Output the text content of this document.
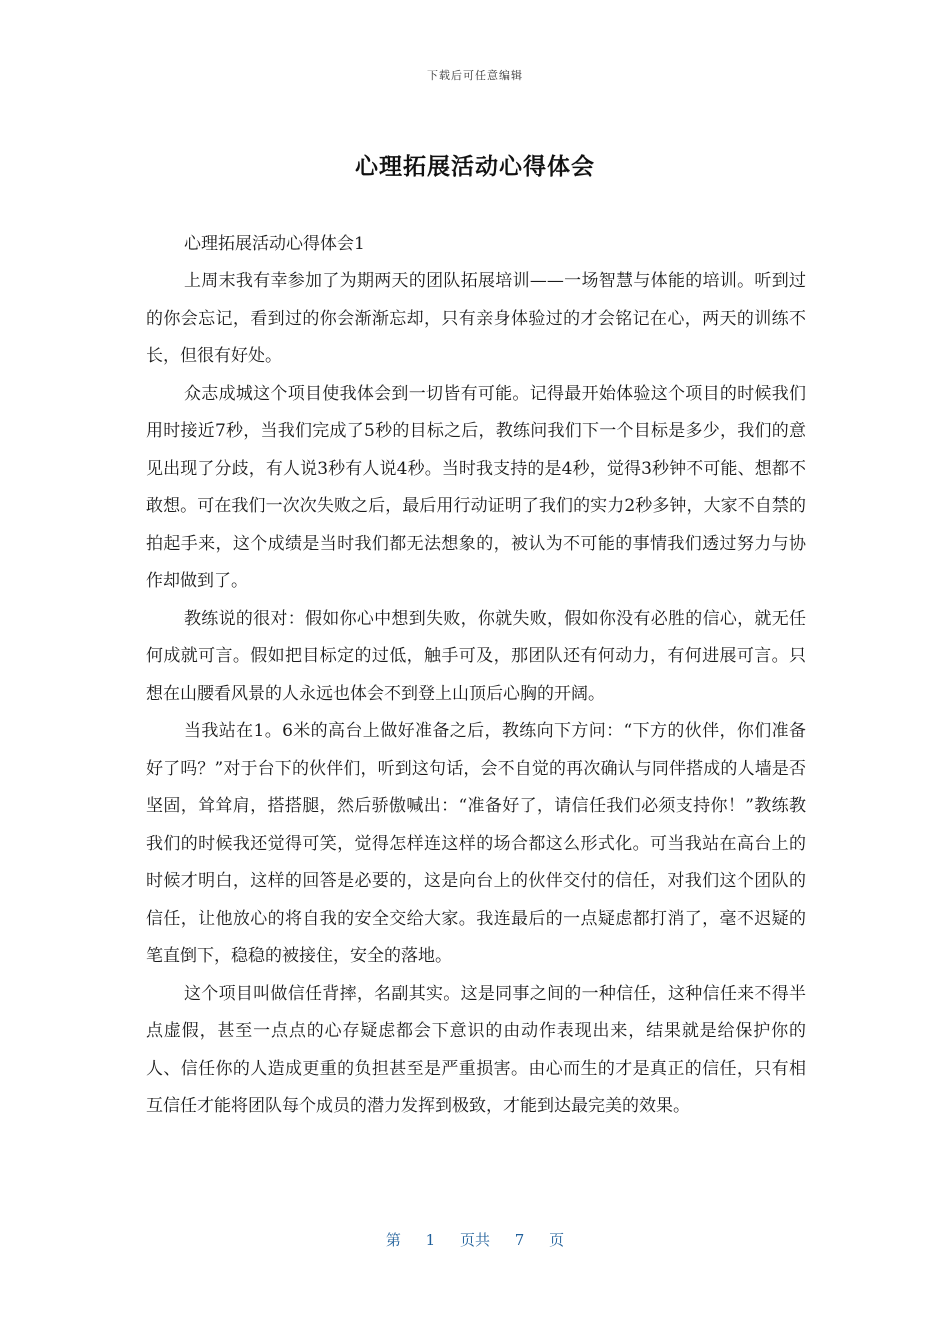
下载后可任意编辑
心理拓展活动心得体会

心理拓展活动心得体会1

上周末我有幸参加了为期两天的团队拓展培训——一场智慧与体能的培训。听到过的你会忘记，看到过的你会渐渐忘却，只有亲身体验过的才会铭记在心，两天的训练不长，但很有好处。

众志成城这个项目使我体会到一切皆有可能。记得最开始体验这个项目的时候我们用时接近7秒，当我们完成了5秒的目标之后，教练问我们下一个目标是多少，我们的意见出现了分歧，有人说3秒有人说4秒。当时我支持的是4秒，觉得3秒钟不可能、想都不敢想。可在我们一次次失败之后，最后用行动证明了我们的实力2秒多钟，大家不自禁的拍起手来，这个成绩是当时我们都无法想象的，被认为不可能的事情我们透过努力与协作却做到了。

教练说的很对：假如你心中想到失败，你就失败，假如你没有必胜的信心，就无任何成就可言。假如把目标定的过低，触手可及，那团队还有何动力，有何进展可言。只想在山腰看风景的人永远也体会不到登上山顶后心胸的开阔。

当我站在1。6米的高台上做好准备之后，教练向下方问：“下方的伙伴，你们准备好了吗？”对于台下的伙伴们，听到这句话，会不自觉的再次确认与同伴搭成的人墙是否坚固，耸耸肩，搭搭腿，然后骄傲喊出：“准备好了，请信任我们必须支持你！”教练教我们的时候我还觉得可笑，觉得怎样连这样的场合都这么形式化。可当我站在高台上的时候才明白，这样的回答是必要的，这是向台上的伙伴交付的信任，对我们这个团队的信任，让他放心的将自我的安全交给大家。我连最后的一点疑虑都打消了，毫不迟疑的笔直倒下，稳稳的被接住，安全的落地。

这个项目叫做信任背摔，名副其实。这是同事之间的一种信任，这种信任来不得半点虚假，甚至一点点的心存疑虑都会下意识的由动作表现出来，结果就是给保护你的人、信任你的人造成更重的负担甚至是严重损害。由心而生的才是真正的信任，只有相互信任才能将团队每个成员的潜力发挥到极致，才能到达最完美的效果。

第 1 页共 7 页
